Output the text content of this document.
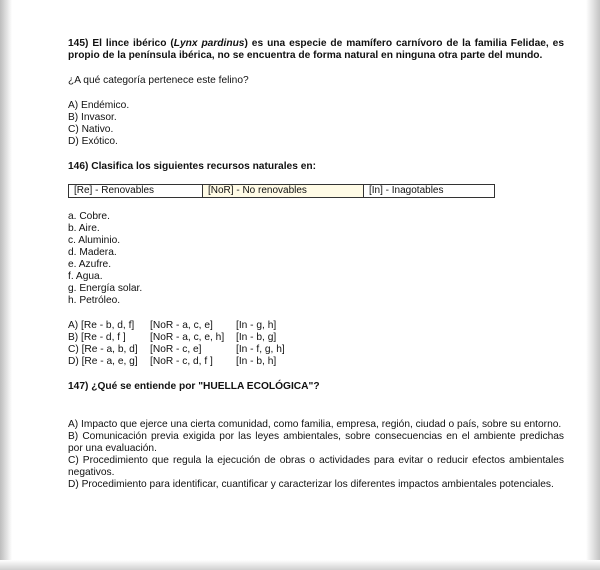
145) El lince ibérico (Lynx pardinus) es una especie de mamífero carnívoro de la familia Felidae, es propio de la península ibérica, no se encuentra de forma natural en ninguna otra parte del mundo.

¿A qué categoría pertenece este felino?

A) Endémico.

B) Invasor.

C) Nativo.

D) Exótico.

146) Clasifica los siguientes recursos naturales en:

[Re] - Renovables	[NoR] - No renovables	[In] - Inagotables

a. Cobre.

b. Aire.

c. Aluminio.

d. Madera.

e. Azufre.

f. Agua.

g. Energía solar.

h. Petróleo.

A) [Re - b, d, f]	[NoR - a, c, e]	[In - g, h]
B) [Re - d, f ]	[NoR - a, c, e, h]	[In - b, g]
C) [Re - a, b, d]	[NoR - c, e]	[In - f, g, h]
D) [Re - a, e, g]	[NoR - c, d, f ]	[In - b, h]

147) ¿Qué se entiende por "HUELLA ECOLÓGICA"?

A) Impacto que ejerce una cierta comunidad, como familia, empresa, región, ciudad o país, sobre su entorno.

B) Comunicación previa exigida por las leyes ambientales, sobre consecuencias en el ambiente predichas por una evaluación.

C) Procedimiento que regula la ejecución de obras o actividades para evitar o reducir efectos ambientales negativos.

D) Procedimiento para identificar, cuantificar y caracterizar los diferentes impactos ambientales potenciales.
